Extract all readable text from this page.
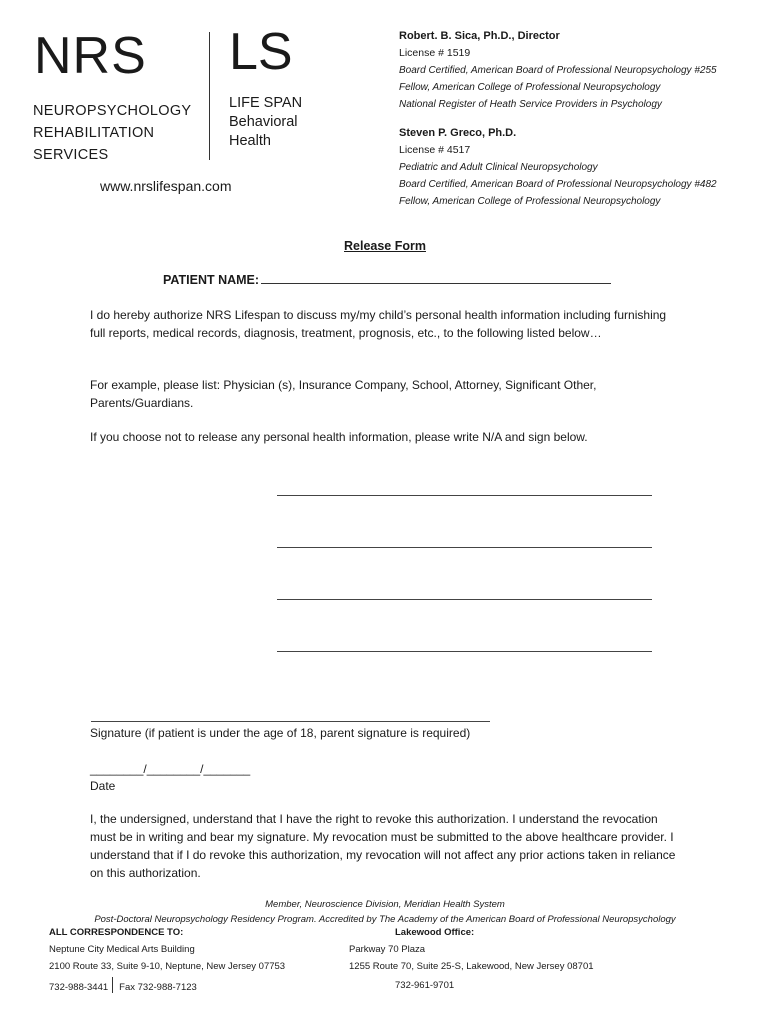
NRS LS
NEUROPSYCHOLOGY
REHABILITATION
SERVICES
LIFE SPAN
Behavioral
Health
www.nrslifespan.com
Robert. B. Sica, Ph.D., Director
License # 1519
Board Certified, American Board of Professional Neuropsychology #255
Fellow, American College of Professional Neuropsychology
National Register of Heath Service Providers in Psychology
Steven P. Greco, Ph.D.
License # 4517
Pediatric and Adult Clinical Neuropsychology
Board Certified, American Board of Professional Neuropsychology #482
Fellow, American College of Professional Neuropsychology
Release Form
PATIENT NAME:
I do hereby authorize NRS Lifespan to discuss my/my child’s personal health information including furnishing full reports, medical records, diagnosis, treatment, prognosis, etc., to the following listed below…
For example, please list: Physician (s), Insurance Company, School, Attorney, Significant Other, Parents/Guardians.
If you choose not to release any personal health information, please write N/A and sign below.
Signature (if patient is under the age of 18, parent signature is required)
________/________/_______
Date
I, the undersigned, understand that I have the right to revoke this authorization. I understand the revocation must be in writing and bear my signature. My revocation must be submitted to the above healthcare provider. I understand that if I do revoke this authorization, my revocation will not affect any prior actions taken in reliance on this authorization.
Member, Neuroscience Division, Meridian Health System
Post-Doctoral Neuropsychology Residency Program. Accredited by The Academy of the American Board of Professional Neuropsychology
ALL CORRESPONDENCE TO:
Neptune City Medical Arts Building
2100 Route 33, Suite 9-10, Neptune, New Jersey 07753
732-988-3441 Fax 732-988-7123
Lakewood Office:
Parkway 70 Plaza
1255 Route 70, Suite 25-S, Lakewood, New Jersey 08701
732-961-9701
